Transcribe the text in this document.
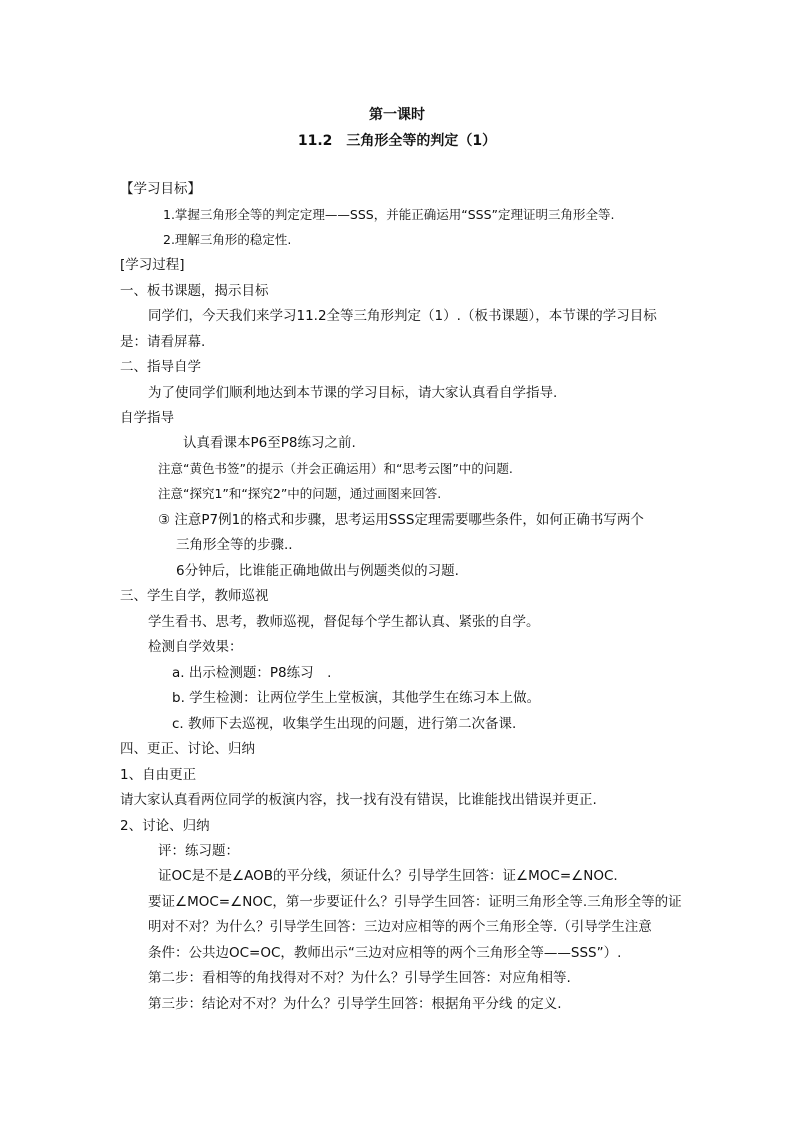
第一课时
11.2　三角形全等的判定（1）
【学习目标】
1.掌握三角形全等的判定定理——SSS，并能正确运用“SSS”定理证明三角形全等.
2.理解三角形的稳定性.
[学习过程]
一、板书课题，揭示目标
同学们，今天我们来学习11.2全等三角形判定（1）.（板书课题），本节课的学习目标
是：请看屏幕.
二、指导自学
为了使同学们顺利地达到本节课的学习目标，请大家认真看自学指导.
自学指导
认真看课本P6至P8练习之前.
注意“黄色书签”的提示（并会正确运用）和“思考云图”中的问题.
注意“探究1”和“探究2”中的问题，通过画图来回答.
③ 注意P7例1的格式和步骤，思考运用SSS定理需要哪些条件，如何正确书写两个
三角形全等的步骤..
6分钟后，比谁能正确地做出与例题类似的习题.
三、学生自学，教师巡视
学生看书、思考，教师巡视，督促每个学生都认真、紧张的自学。
检测自学效果：
a. 出示检测题：P8练习　.
b. 学生检测：让两位学生上堂板演，其他学生在练习本上做。
c. 教师下去巡视，收集学生出现的问题，进行第二次备课.
四、更正、讨论、归纳
1、自由更正
请大家认真看两位同学的板演内容，找一找有没有错误，比谁能找出错误并更正.
2、讨论、归纳
评：练习题：
证OC是不是∠AOB的平分线，须证什么？引导学生回答：证∠MOC=∠NOC.
要证∠MOC=∠NOC，第一步要证什么？引导学生回答：证明三角形全等.三角形全等的证
明对不对？为什么？引导学生回答：三边对应相等的两个三角形全等.（引导学生注意
条件：公共边OC=OC，教师出示“三边对应相等的两个三角形全等——SSS”）.
第二步：看相等的角找得对不对？为什么？引导学生回答：对应角相等.
第三步：结论对不对？为什么？引导学生回答：根据角平分线 的定义.
